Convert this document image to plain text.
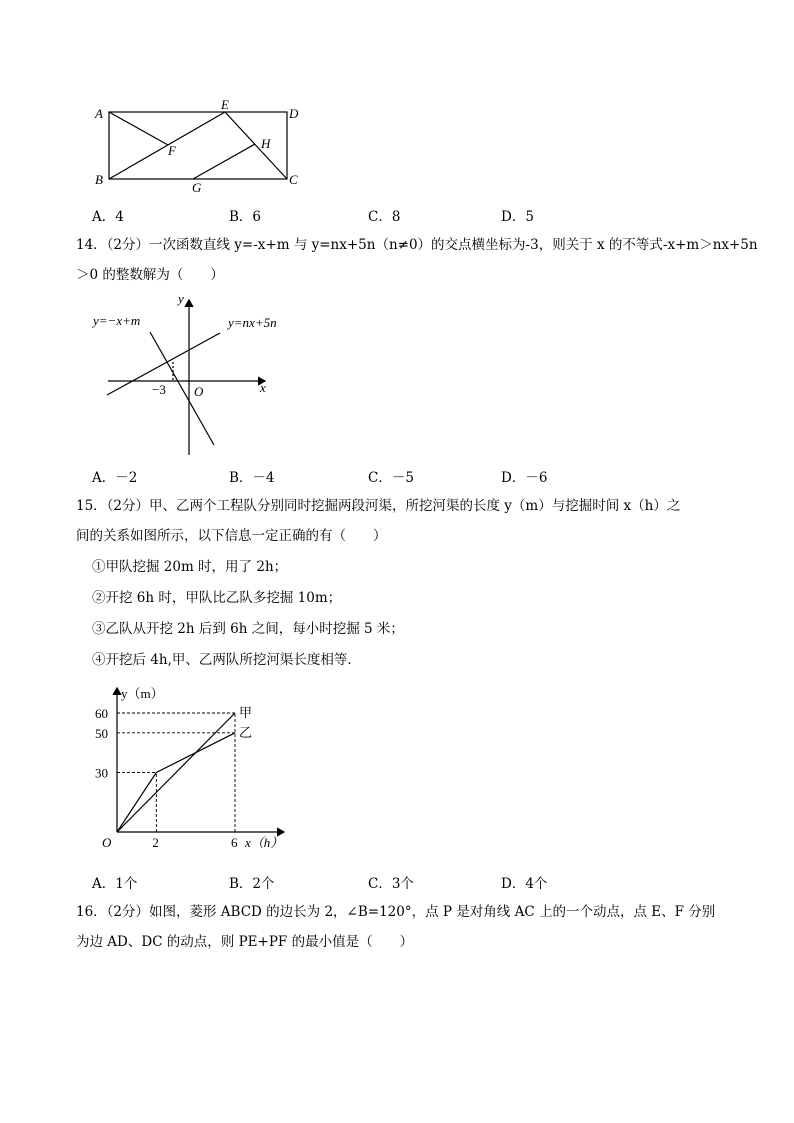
A
B	C
D
E
F
G
H
A．4	B．6	C．8	D．5
14．（2分）一次函数直线 y=-x+m 与 y=nx+5n（n≠0）的交点横坐标为-3，则关于 x 的不等式-x+m＞nx+5n
＞0 的整数解为（　　）
y=−x+m	y=nx+5n
y
x
O
−3
A．－2	B．－4	C．－5	D．－6
15．（2分）甲、乙两个工程队分别同时挖掘两段河渠，所挖河渠的长度 y（m）与挖掘时间 x（h）之
间的关系如图所示，以下信息一定正确的有（　　）
①甲队挖掘 20m 时，用了 2h；
②开挖 6h 时，甲队比乙队多挖掘 10m；
③乙队从开挖 2h 后到 6h 之间，每小时挖掘 5 米；
④开挖后 4h,甲、乙两队所挖河渠长度相等．
甲
乙
30
50
60
2	6
y（m）
x（h）
O
A．1个	B．2个	C．3个	D．4个
16．（2分）如图，菱形 ABCD 的边长为 2，∠B=120°，点 P 是对角线 AC 上的一个动点，点 E、F 分别
为边 AD、DC 的动点，则 PE+PF 的最小值是（　　）
